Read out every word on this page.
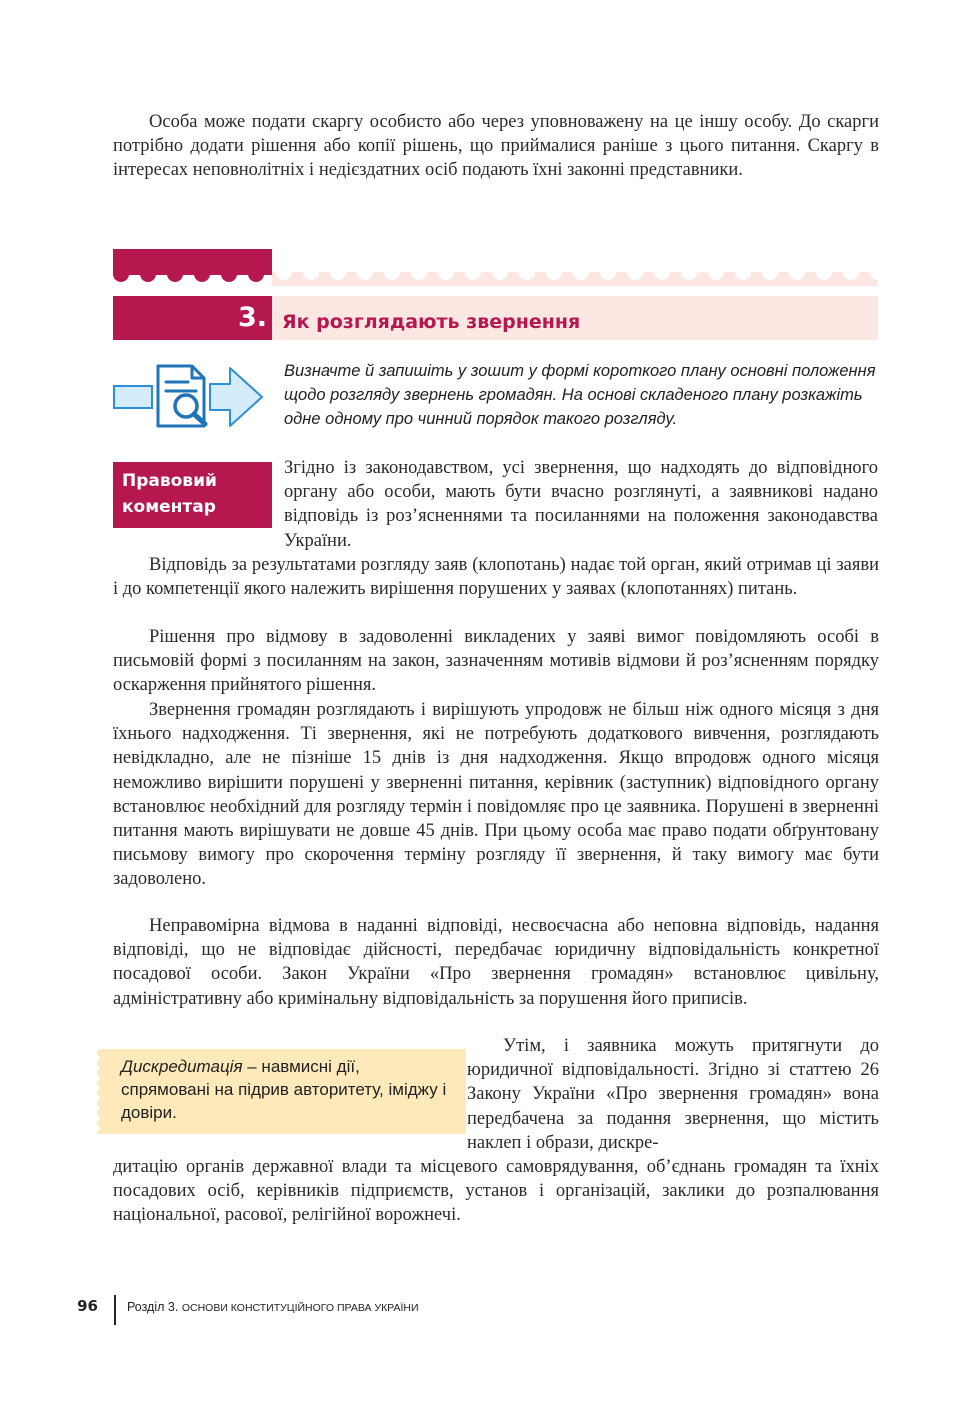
Особа може подати скаргу особисто або через уповноважену на це іншу особу. До скарги потрібно додати рішення або копії рішень, що приймалися раніше з цього питання. Скаргу в інтересах неповнолітніх і недієздатних осіб подають їхні законні представники.

3. Як розглядають звернення

Визначте й запишіть у зошит у формі короткого плану основні положення щодо розгляду звернень громадян. На основі складеного плану розкажіть одне одному про чинний порядок такого розгляду.

Правовий
коментар

Згідно із законодавством, усі звернення, що надходять до відповідного органу або особи, мають бути вчасно розглянуті, а заявникові надано відповідь із роз’ясненнями та посиланнями на положення законодавства України.

Відповідь за результатами розгляду заяв (клопотань) надає той орган, який отримав ці заяви і до компетенції якого належить вирішення порушених у заявах (клопотаннях) питань.

Рішення про відмову в задоволенні викладених у заяві вимог повідомляють особі в письмовій формі з посиланням на закон, зазначенням мотивів відмови й роз’ясненням порядку оскарження прийнятого рішення.

Звернення громадян розглядають і вирішують упродовж не більш ніж одного місяця з дня їхнього надходження. Ті звернення, які не потребують додаткового вивчення, розглядають невідкладно, але не пізніше 15 днів із дня надходження. Якщо впродовж одного місяця неможливо вирішити порушені у зверненні питання, керівник (заступник) відповідного органу встановлює необхідний для розгляду термін і повідомляє про це заявника. Порушені в зверненні питання мають вирішувати не довше 45 днів. При цьому особа має право подати обґрунтовану письмову вимогу про скорочення терміну розгляду її звернення, й таку вимогу має бути задоволено.

Неправомірна відмова в наданні відповіді, несвоєчасна або неповна відповідь, надання відповіді, що не відповідає дійсності, передбачає юридичну відповідальність конкретної посадової особи. Закон України «Про звернення громадян» встановлює цивільну, адміністративну або кримінальну відповідальність за порушення його приписів.

Дискредитація – навмисні дії, спрямовані на підрив авторитету, іміджу і довіри.

Утім, і заявника можуть притягнути до юридичної відповідальності. Згідно зі статтею 26 Закону України «Про звернення громадян» вона передбачена за подання звернення, що містить наклеп і образи, дискре-

дитацію органів державної влади та місцевого самоврядування, об’єднань громадян та їхніх посадових осіб, керівників підприємств, установ і організацій, заклики до розпалювання національної, расової, релігійної ворожнечі.

96 Розділ 3. ОСНОВИ КОНСТИТУЦІЙНОГО ПРАВА УКРАЇНИ
